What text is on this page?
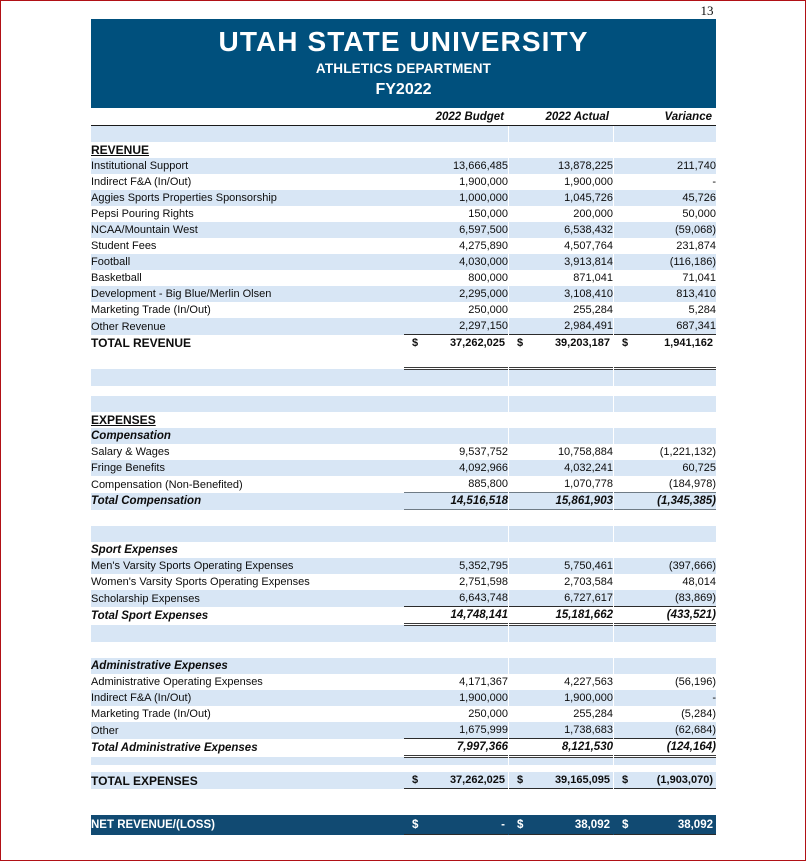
13
UTAH STATE UNIVERSITY
ATHLETICS DEPARTMENT
FY2022
	2022 Budget		2022 Actual		Variance

REVENUE					
Institutional Support	13,666,485		13,878,225		211,740
Indirect F&A (In/Out)	1,900,000		1,900,000		-
Aggies Sports Properties Sponsorship	1,000,000		1,045,726		45,726
Pepsi Pouring Rights	150,000		200,000		50,000
NCAA/Mountain West	6,597,500		6,538,432		(59,068)
Student Fees	4,275,890		4,507,764		231,874
Football	4,030,000		3,913,814		(116,186)
Basketball	800,000		871,041		71,041
Development - Big Blue/Merlin Olsen	2,295,000		3,108,410		813,410
Marketing Trade (In/Out)	250,000		255,284		5,284
Other Revenue	2,297,150		2,984,491		687,341
TOTAL REVENUE	$ 37,262,025		$ 39,203,187		$ 1,941,162

EXPENSES					
Compensation					
Salary & Wages	9,537,752		10,758,884		(1,221,132)
Fringe Benefits	4,092,966		4,032,241		60,725
Compensation (Non-Benefited)	885,800		1,070,778		(184,978)
Total Compensation	14,516,518		15,861,903		(1,345,385)

Sport Expenses					
Men's Varsity Sports Operating Expenses	5,352,795		5,750,461		(397,666)
Women's Varsity Sports Operating Expenses	2,751,598		2,703,584		48,014
Scholarship Expenses	6,643,748		6,727,617		(83,869)
Total Sport Expenses	14,748,141		15,181,662		(433,521)

Administrative Expenses					
Administrative Operating Expenses	4,171,367		4,227,563		(56,196)
Indirect F&A (In/Out)	1,900,000		1,900,000		-
Marketing Trade (In/Out)	250,000		255,284		(5,284)
Other	1,675,999		1,738,683		(62,684)
Total Administrative Expenses	7,997,366		8,121,530		(124,164)

TOTAL EXPENSES	$ 37,262,025		$ 39,165,095		$ (1,903,070)

NET REVENUE/(LOSS)	$ -		$ 38,092		$ 38,092
